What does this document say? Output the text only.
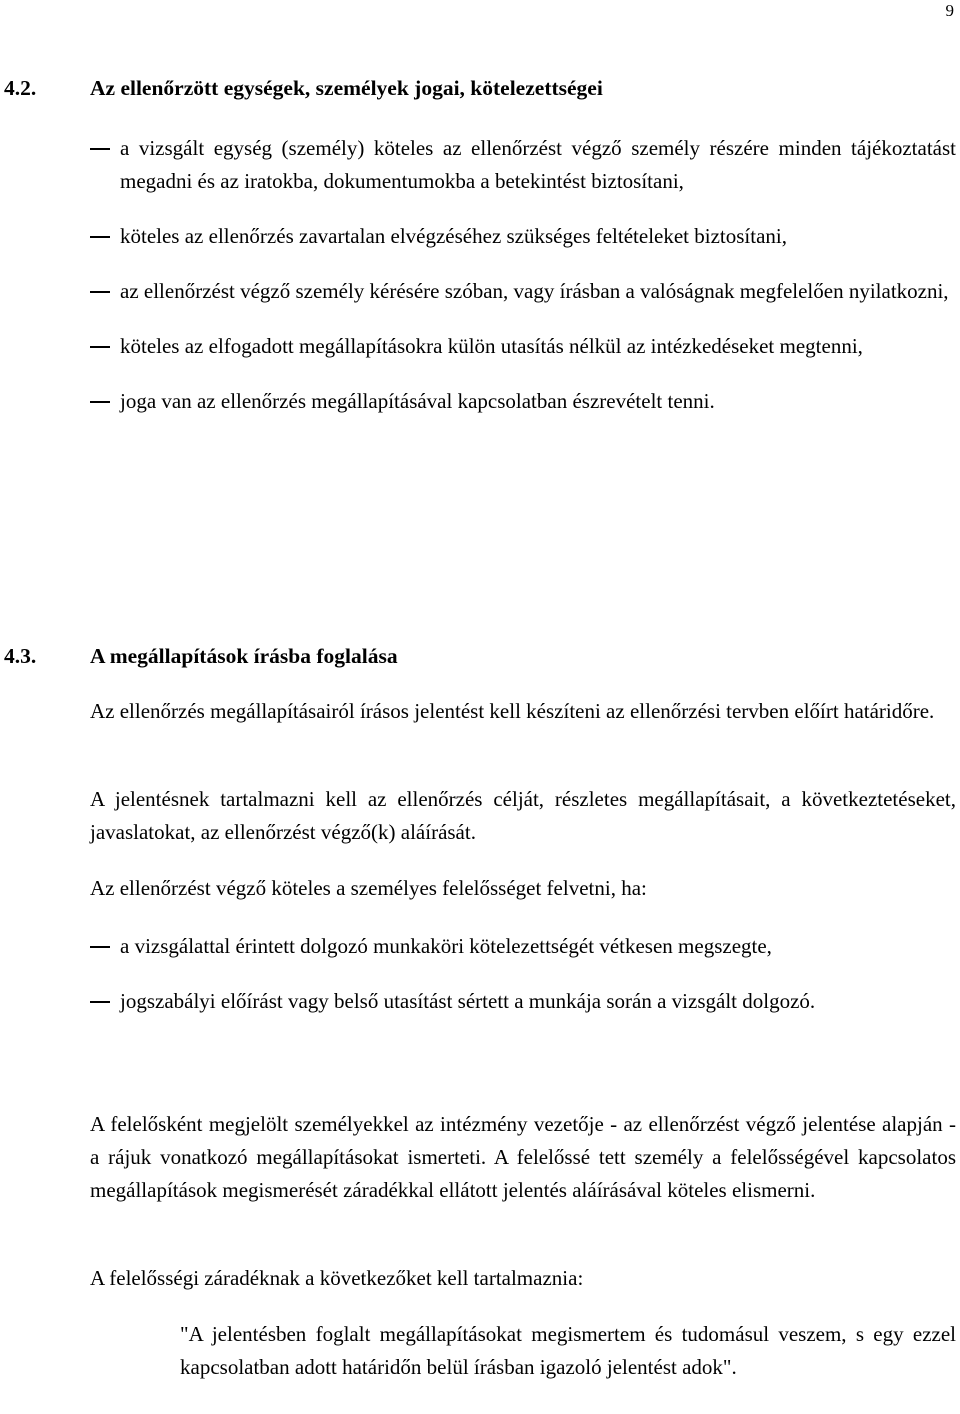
9
4.2.	Az ellenőrzött egységek, személyek jogai, kötelezettségei
a vizsgált egység (személy) köteles az ellenőrzést végző személy részére minden tájékoztatást megadni és az iratokba, dokumentumokba a betekintést biztosítani,
köteles az ellenőrzés zavartalan elvégzéséhez szükséges feltételeket biztosítani,
az ellenőrzést végző személy kérésére szóban, vagy írásban a valóságnak megfelelően nyilatkozni,
köteles az elfogadott megállapításokra külön utasítás nélkül az intézkedéseket megtenni,
joga van az ellenőrzés megállapításával kapcsolatban észrevételt tenni.
4.3.	A megállapítások írásba foglalása
Az ellenőrzés megállapításairól írásos jelentést kell készíteni az ellenőrzési tervben előírt határidőre.
A jelentésnek tartalmazni kell az ellenőrzés célját, részletes megállapításait, a következtetéseket, javaslatokat, az ellenőrzést végző(k) aláírását.
Az ellenőrzést végző köteles a személyes felelősséget felvetni, ha:
a vizsgálattal érintett dolgozó munkaköri kötelezettségét vétkesen megszegte,
jogszabályi előírást vagy belső utasítást sértett a munkája során a vizsgált dolgozó.
A felelősként megjelölt személyekkel az intézmény vezetője - az ellenőrzést végző jelentése alapján - a rájuk vonatkozó megállapításokat ismerteti. A felelőssé tett személy a felelősségével kapcsolatos megállapítások megismerését záradékkal ellátott jelentés aláírásával köteles elismerni.
A felelősségi záradéknak a következőket kell tartalmaznia:
"A jelentésben foglalt megállapításokat megismertem és tudomásul veszem, s egy ezzel kapcsolatban adott határidőn belül írásban igazoló jelentést adok".
